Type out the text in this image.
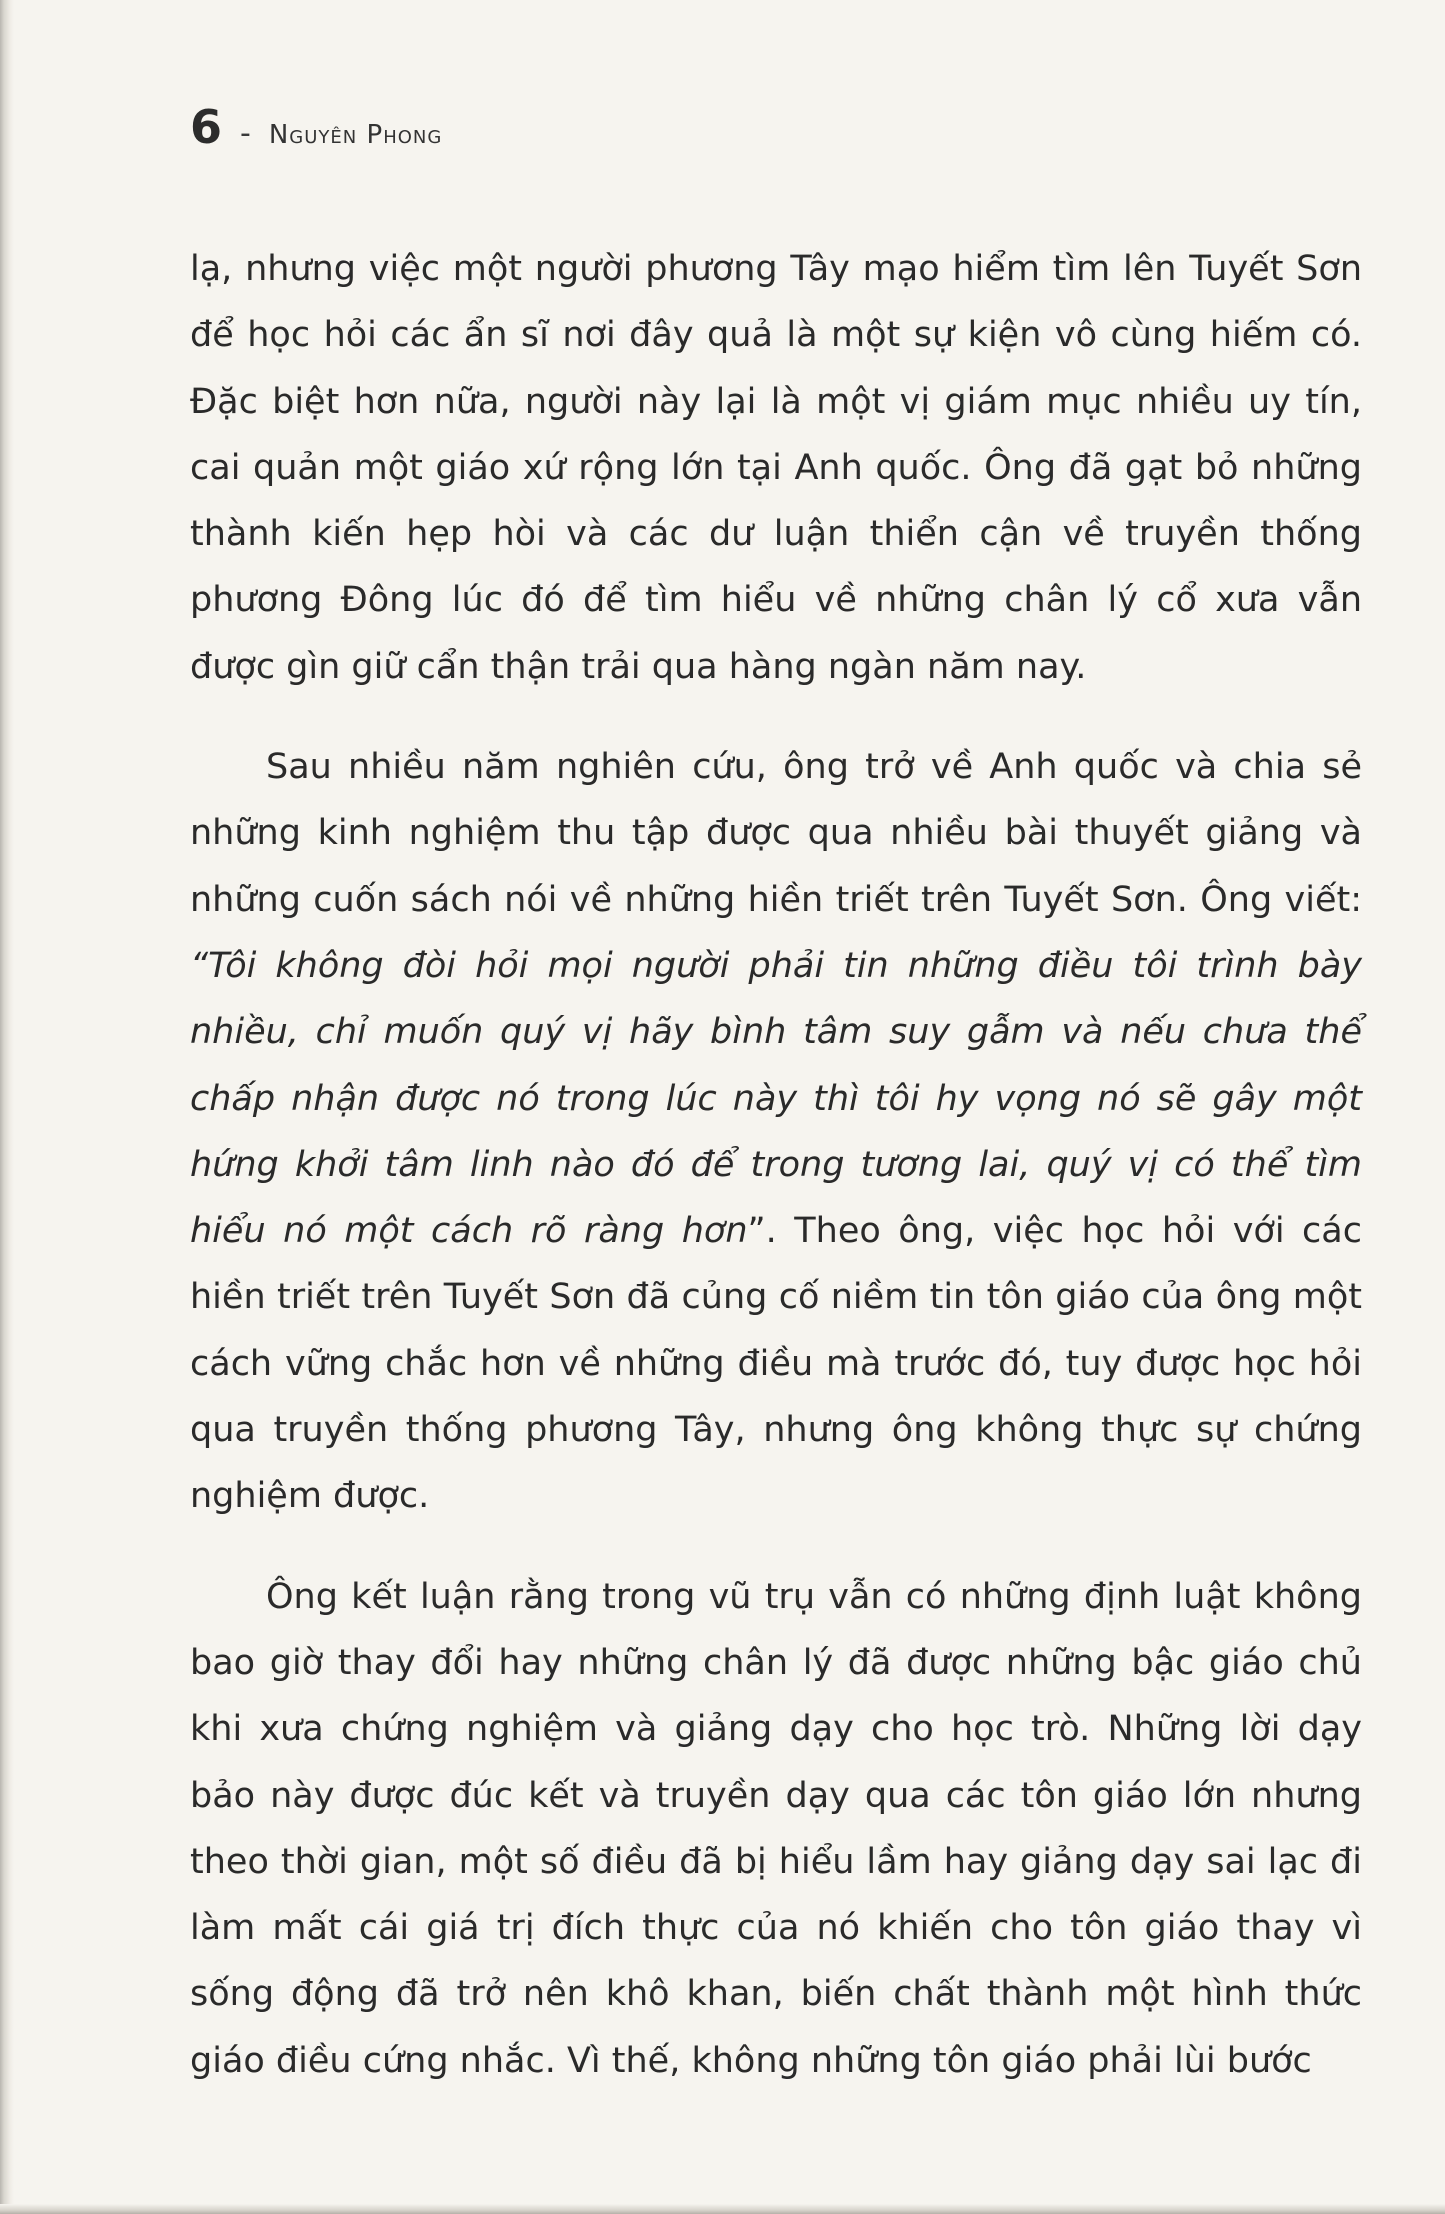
6 - Nguyên Phong

lạ, nhưng việc một người phương Tây mạo hiểm tìm lên Tuyết Sơn để học hỏi các ẩn sĩ nơi đây quả là một sự kiện vô cùng hiếm có. Đặc biệt hơn nữa, người này lại là một vị giám mục nhiều uy tín, cai quản một giáo xứ rộng lớn tại Anh quốc. Ông đã gạt bỏ những thành kiến hẹp hòi và các dư luận thiển cận về truyền thống phương Đông lúc đó để tìm hiểu về những chân lý cổ xưa vẫn được gìn giữ cẩn thận trải qua hàng ngàn năm nay.

Sau nhiều năm nghiên cứu, ông trở về Anh quốc và chia sẻ những kinh nghiệm thu tập được qua nhiều bài thuyết giảng và những cuốn sách nói về những hiền triết trên Tuyết Sơn. Ông viết: “Tôi không đòi hỏi mọi người phải tin những điều tôi trình bày nhiều, chỉ muốn quý vị hãy bình tâm suy gẫm và nếu chưa thể chấp nhận được nó trong lúc này thì tôi hy vọng nó sẽ gây một hứng khởi tâm linh nào đó để trong tương lai, quý vị có thể tìm hiểu nó một cách rõ ràng hơn”. Theo ông, việc học hỏi với các hiền triết trên Tuyết Sơn đã củng cố niềm tin tôn giáo của ông một cách vững chắc hơn về những điều mà trước đó, tuy được học hỏi qua truyền thống phương Tây, nhưng ông không thực sự chứng nghiệm được.

Ông kết luận rằng trong vũ trụ vẫn có những định luật không bao giờ thay đổi hay những chân lý đã được những bậc giáo chủ khi xưa chứng nghiệm và giảng dạy cho học trò. Những lời dạy bảo này được đúc kết và truyền dạy qua các tôn giáo lớn nhưng theo thời gian, một số điều đã bị hiểu lầm hay giảng dạy sai lạc đi làm mất cái giá trị đích thực của nó khiến cho tôn giáo thay vì sống động đã trở nên khô khan, biến chất thành một hình thức giáo điều cứng nhắc. Vì thế, không những tôn giáo phải lùi bước
